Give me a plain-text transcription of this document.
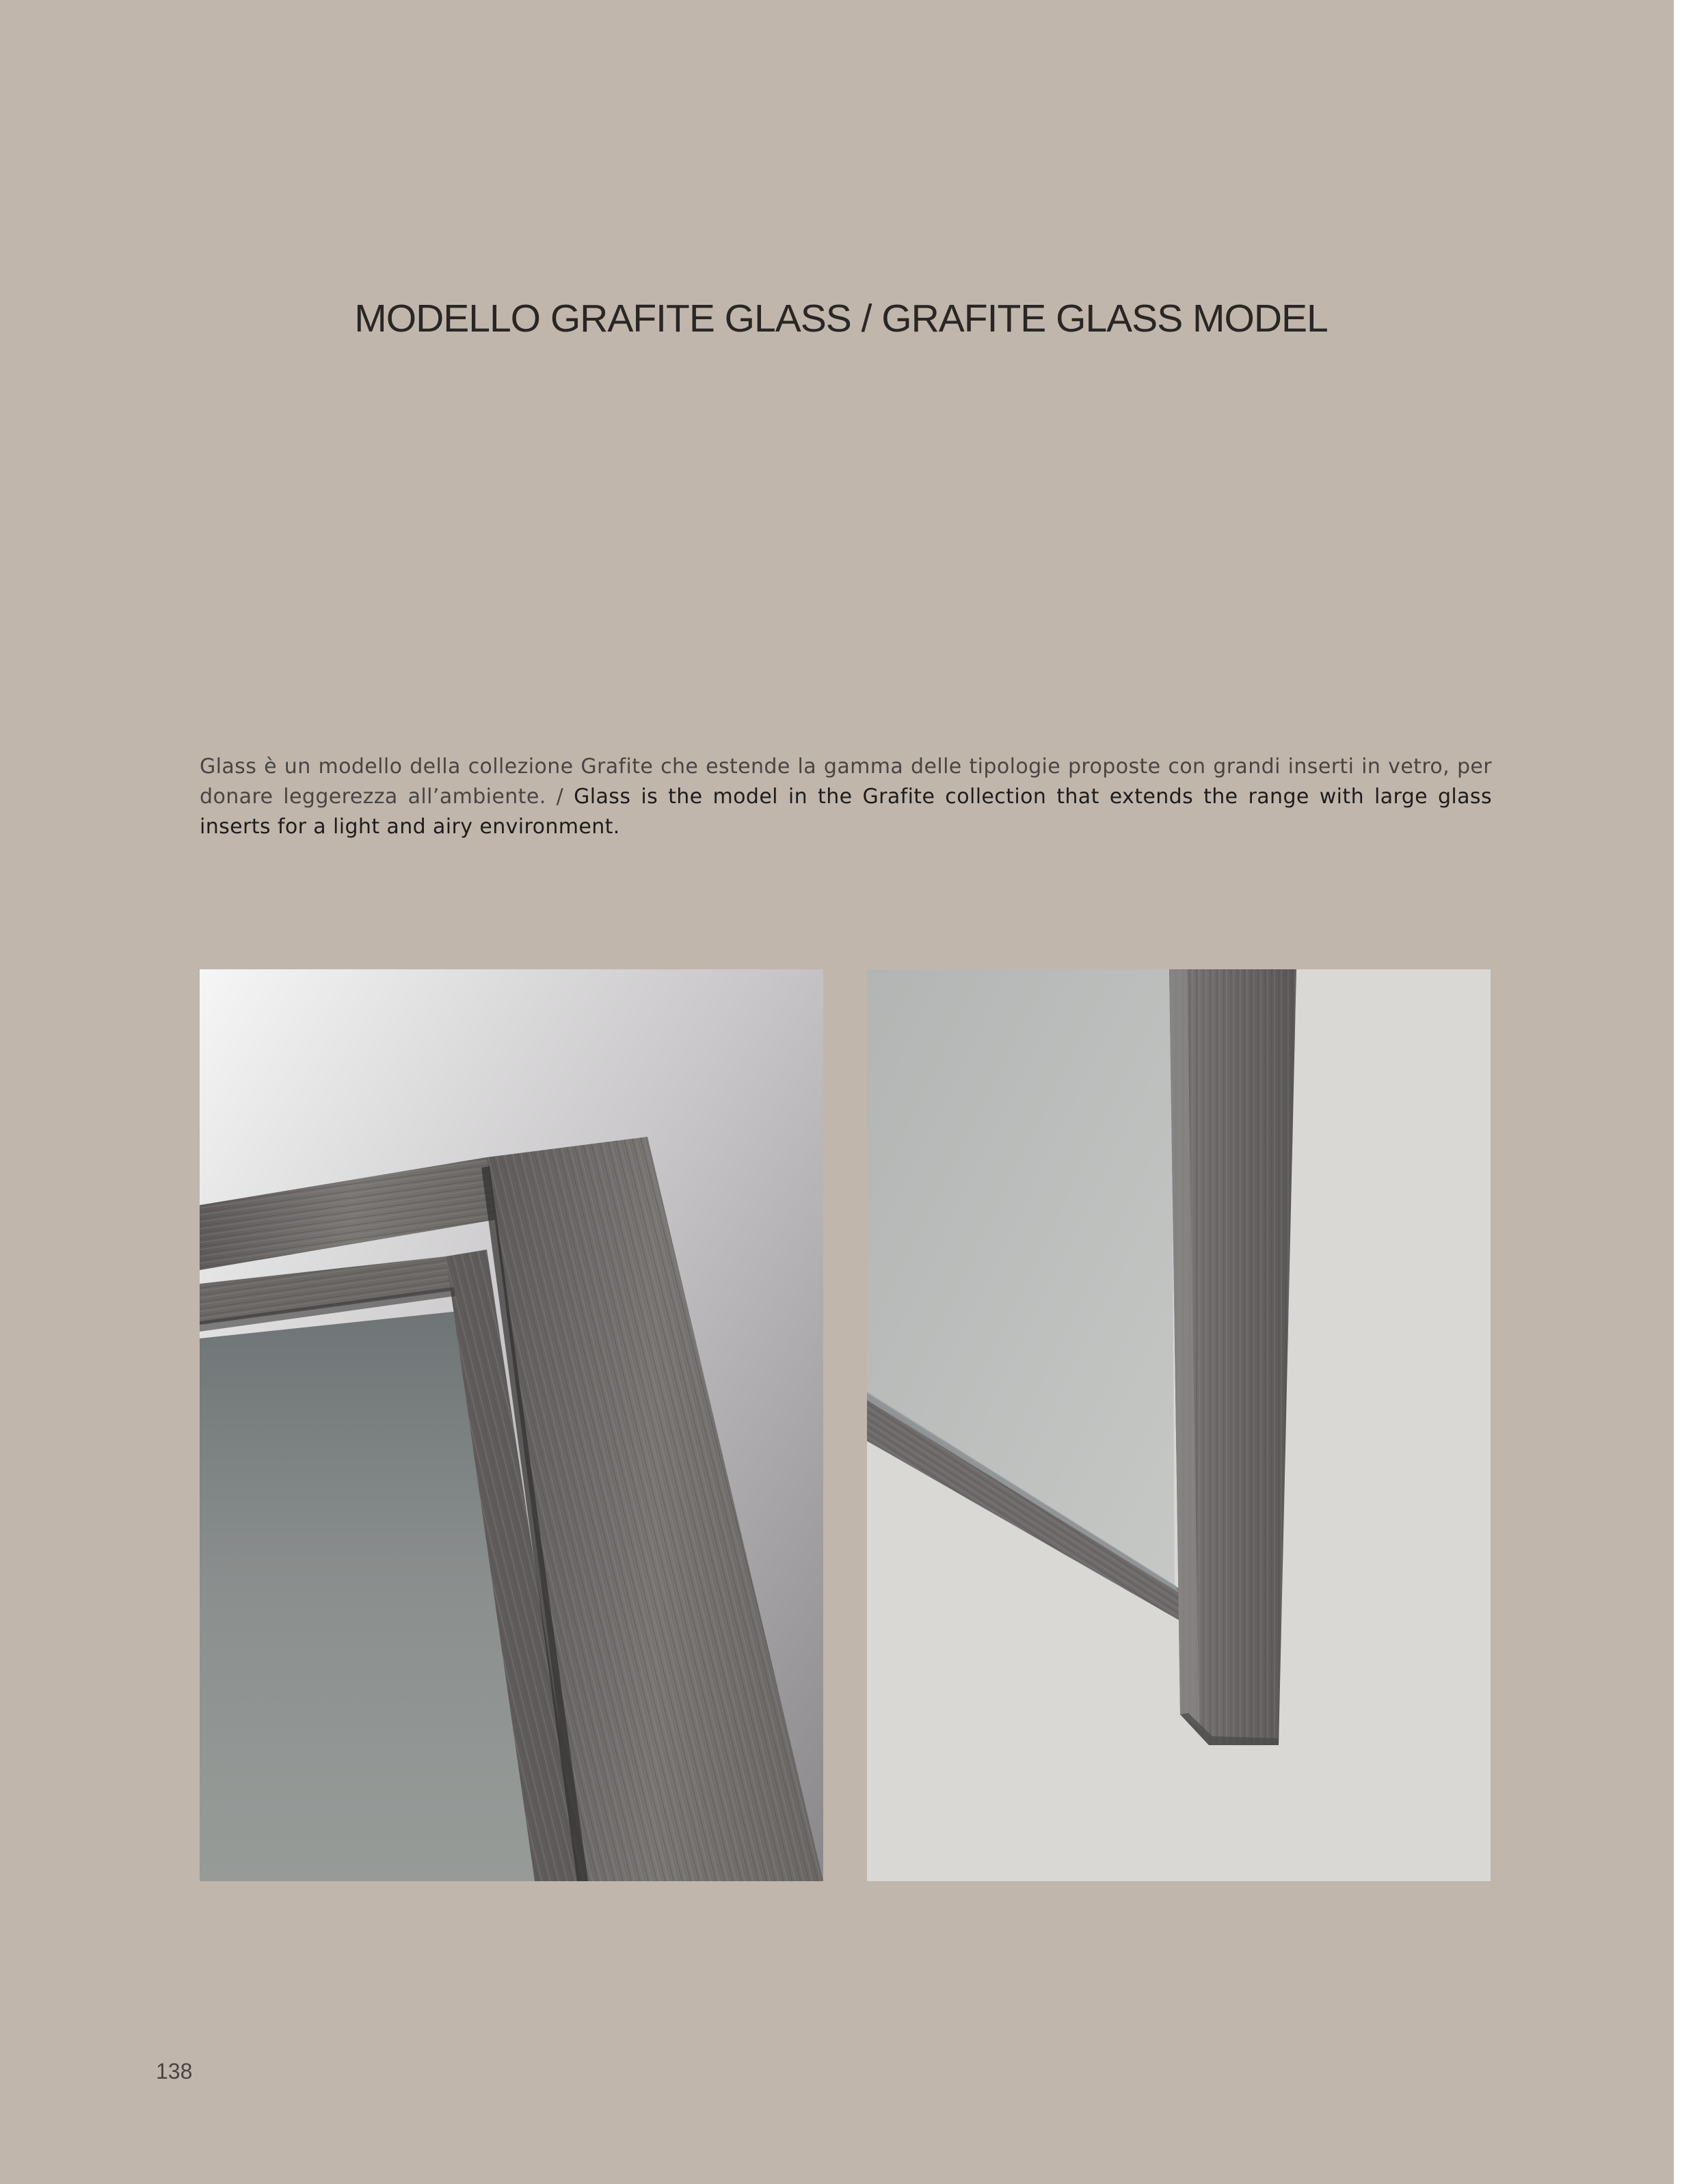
MODELLO GRAFITE GLASS / GRAFITE GLASS MODEL

Glass è un modello della collezione Grafite che estende la gamma delle tipologie proposte con grandi inserti in vetro, per donare leggerezza all’ambiente. / Glass is the model in the Grafite collection that extends the range with large glass inserts for a light and airy environment.

138
